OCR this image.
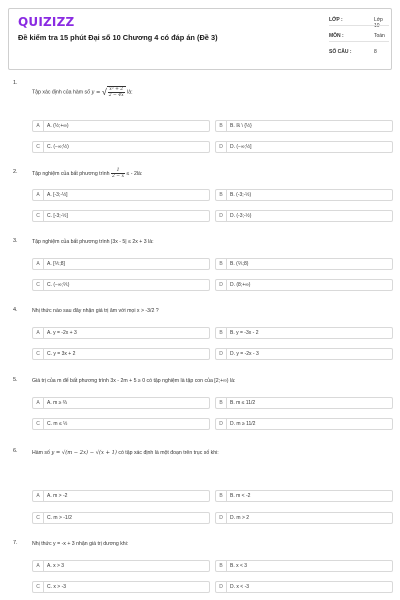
QUIZIZZ
Đề kiểm tra 15 phút Đại số 10 Chương 4 có đáp án (Đề 3)
LỚP :	Lớp 10
MÔN :	Toán
SỐ CÂU :	8
1.
Tập xác định của hàm số y = √ $\frac{\text{x² + 2}}{2 - 4x}$ là:
A	A. (½;+∞)	B	B. ℝ \ {½}
C	C. (−∞;½)	D	D. (−∞;½]
2.	Tập nghiệm của bất phương trình $\frac{1}{2 - x}$ ≤ - 2là:
A	A. [-3;-½]	B	B. (-3;-½)
C	C. [-3;-½]	D	D. (-3;-½)
3.	Tập nghiệm của bất phương trình |3x - 5| ≤ 2x + 3 là:
A	A. [⅖;8]	B	B. (⅖;8)
C	C. (−∞;⅖)	D	D. (8;+∞)
4.	Nhị thức nào sau đây nhận giá trị âm với mọi x > -3/2 ?
A	A. y = -2x + 3	B	B. y = -3x - 2
C	C. y = 3x + 2	D	D. y = -2x - 3
5.	Giá trị của m để bất phương trình 3x - 2m + 5 ≥ 0 có tập nghiệm là tập con của [2;+∞) là:
A	A. m ≥ ⅔	B	B. m ≤ 11/2
C	C. m ≤ ½	D	D. m ≥ 11/2
6.	Hàm số y = √(m − 2x) − √(x + 1) có tập xác định là một đoạn trên trục số khi:
A	A. m > -2	B	B. m < -2
C	C. m > -1/2	D	D. m > 2
7.	Nhị thức y = -x + 3 nhận giá trị dương khi:
A	A. x > 3	B	B. x < 3
C	C. x > -3	D	D. x < -3
